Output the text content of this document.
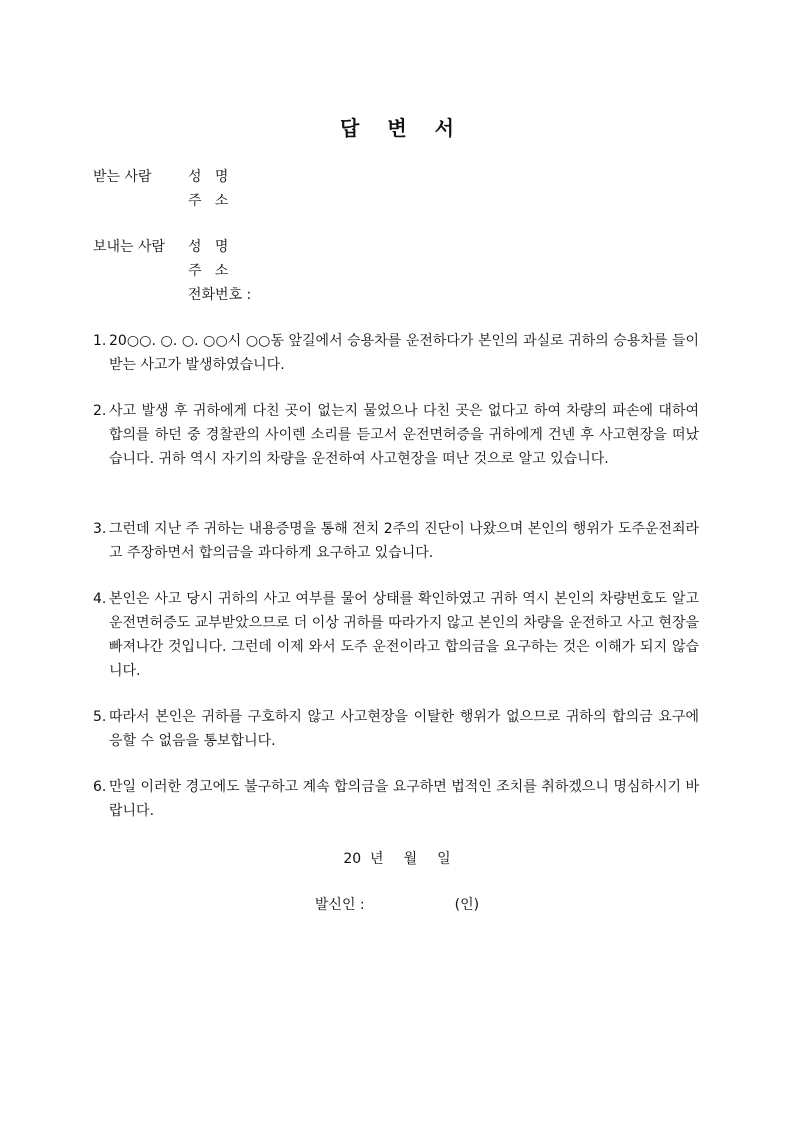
답 변 서
받는 사람	성   명
주   소
보내는 사람 성   명
주   소
전화번호 :
1. 20○○. ○. ○. ○○시 ○○동 앞길에서 승용차를 운전하다가 본인의 과실로 귀하의 승용차를 들이받는 사고가 발생하였습니다.
2. 사고 발생 후 귀하에게 다친 곳이 없는지 물었으나 다친 곳은 없다고 하여 차량의 파손에 대하여 합의를 하던 중 경찰관의 사이렌 소리를 듣고서 운전면허증을 귀하에게 건넨 후 사고현장을 떠났습니다. 귀하 역시 자기의 차량을 운전하여 사고현장을 떠난 것으로 알고 있습니다.
3. 그런데 지난 주 귀하는 내용증명을 통해 전치 2주의 진단이 나왔으며 본인의 행위가 도주운전죄라고 주장하면서 합의금을 과다하게 요구하고 있습니다.
4. 본인은 사고 당시 귀하의 사고 여부를 물어 상태를 확인하였고 귀하 역시 본인의 차량번호도 알고 운전면허증도 교부받았으므로 더 이상 귀하를 따라가지 않고 본인의 차량을 운전하고 사고 현장을 빠져나간 것입니다. 그런데 이제 와서 도주 운전이라고 합의금을 요구하는 것은 이해가 되지 않습니다.
5. 따라서 본인은 귀하를 구호하지 않고 사고현장을 이탈한 행위가 없으므로 귀하의 합의금 요구에 응할 수 없음을 통보합니다.
6. 만일 이러한 경고에도 불구하고 계속 합의금을 요구하면 법적인 조치를 취하겠으니 명심하시기 바랍니다.
20  년 월 일
발신인 :	(인)
